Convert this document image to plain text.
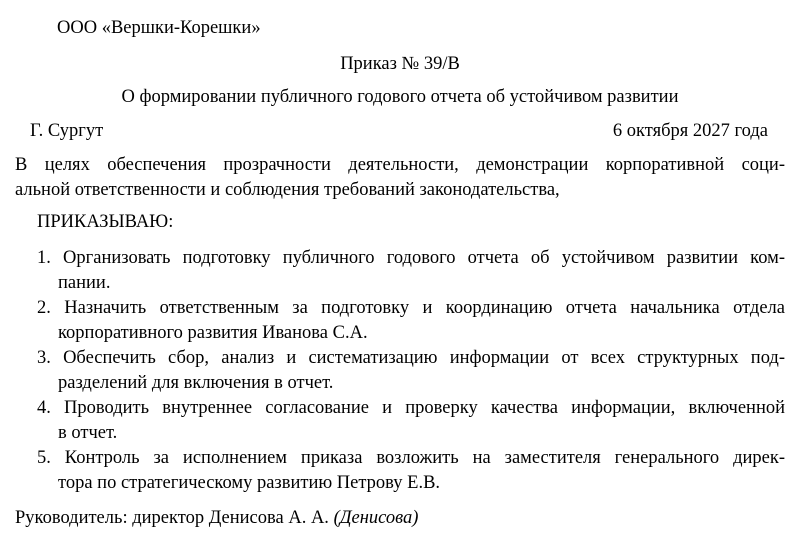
ООО «Вершки-Корешки»
Приказ № 39/В
О формировании публичного годового отчета об устойчивом развитии
Г. Сургут	6 октября 2027 года
В целях обеспечения прозрачности деятельности, демонстрации корпоративной соци-
альной ответственности и соблюдения требований законодательства,
ПРИКАЗЫВАЮ:
1. Организовать подготовку публичного годового отчета об устойчивом развитии ком-
пании.
2. Назначить ответственным за подготовку и координацию отчета начальника отдела
корпоративного развития Иванова С.А.
3. Обеспечить сбор, анализ и систематизацию информации от всех структурных под-
разделений для включения в отчет.
4. Проводить внутреннее согласование и проверку качества информации, включенной
в отчет.
5. Контроль за исполнением приказа возложить на заместителя генерального дирек-
тора по стратегическому развитию Петрову Е.В.
Руководитель: директор Денисова А. А. (Денисова)
